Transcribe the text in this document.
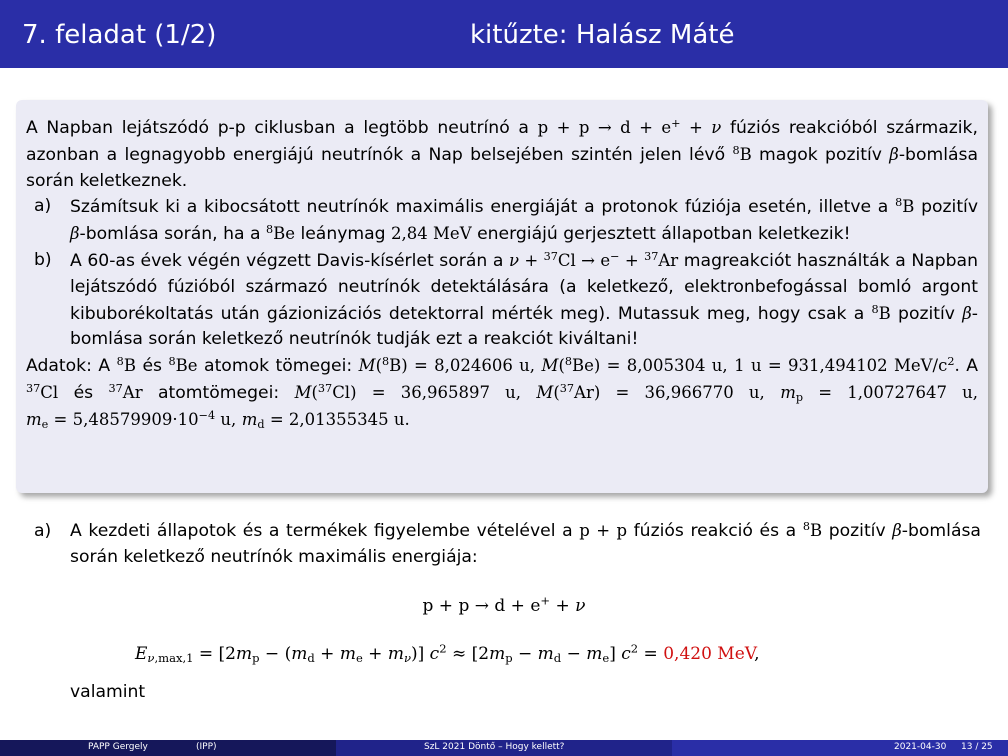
7. feladat (1/2)	kitűzte: Halász Máté

A Napban lejátszódó p-p ciklusban a legtöbb neutrínó a p + p → d + e+ + ν fúziós reakcióból származik, azonban a legnagyobb energiájú neutrínók a Nap belsejében szintén jelen lévő $^8$B magok pozitív β-bomlása során keletkeznek.

a) Számítsuk ki a kibocsátott neutrínók maximális energiáját a protonok fúziója esetén, illetve a $^8$B pozitív β-bomlása során, ha a $^8$Be leánymag 2,84 MeV energiájú gerjesztett állapotban keletkezik!
b) A 60-as évek végén végzett Davis-kísérlet során a ν + $^{37}$Cl → e− + $^{37}$Ar magreakciót használták a Napban lejátszódó fúzióból származó neutrínók detektálására (a keletkező, elektronbefogással bomló argont kibuborékoltatás után gázionizációs detektorral mérték meg). Mutassuk meg, hogy csak a $^8$B pozitív β-bomlása során keletkező neutrínók tudják ezt a reakciót kiváltani!

Adatok: A $^8$B és $^8$Be atomok tömegei: M($^8$B) = 8,024606 u, M($^8$Be) = 8,005304 u, 1 u = 931,494102 MeV/$c^2$. A $^{37}$Cl és $^{37}$Ar atomtömegei: M($^{37}$Cl) = 36,965897 u, M($^{37}$Ar) = 36,966770 u, $m_p = 1,00727647$ u, $m_e = 5,48579909\cdot 10^{-4}$ u, $m_d = 2,01355345$ u.

a) A kezdeti állapotok és a termékek figyelembe vételével a p + p fúziós reakció és a $^8$B pozitív β-bomlása során keletkező neutrínók maximális energiája:
p + p → d + e+ + ν
$E_{\nu,max,1} = [2m_p - (m_d + m_e + m_\nu)] c^2 \approx [2m_p - m_d - m_e] c^2 = 0,420$ MeV,
valamint
PAPP Gergely	(IPP)	SzL 2021 Döntő – Hogy kellett?	2021-04-30 13 / 25
